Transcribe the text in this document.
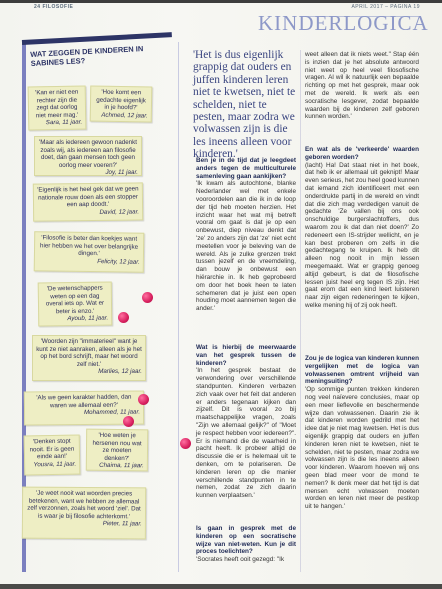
24 FILOSOFIE	APRIL 2017 – PAGINA 19
KINDERLOGICA
WAT ZEGGEN DE KINDEREN IN SABINES LES?
'Kan er niet een rechter zijn die zegt dat oorlog niet meer mag.'
Sara, 11 jaar.
'Hoe komt een gedachte eigenlijk in je hoofd?'
Achmed, 12 jaar.
'Maar als iedereen gewoon nadenkt zoals wij, als iedereen aan filosofie doet, dan gaan mensen toch geen oorlog meer voeren?'
Joy, 11 jaar.
'Eigenlijk is het heel gek dat we geen nationale rouw doen als een stopper een aap doodt.'
David, 12 jaar.
'Filosofie is beter dan koekjes want hier hebben we het over belangrijke dingen.'
Felicity, 12 jaar.
'De wetenschappers weten op een dag overal iets op. Wat er beter is enzo.'
Ayoub, 11 jaar.
'Woorden zijn "immaterieel" want je kunt ze niet aanraken, alleen als je het op het bord schrijft, maar het woord zelf niet.'
Marlies, 12 jaar.
'Als we geen karakter hadden, dan waren we allemaal een?'
Mohammed, 11 jaar.
'Denken stopt nooit. Er is geen einde aan!'
Yousra, 11 jaar.
'Hoe weten je hersenen nou wat ze moeten denken?'
Chaima, 11 jaar.
'Je weet nooit wat woorden precies betekenen, want we hebben ze allemaal zelf verzonnen, zoals het woord 'ziel'. Dat is waar je bij filosofie achterkomt.'
Pieter, 11 jaar.
'Het is dus eigenlijk grappig dat ouders en juffen kinderen leren niet te kwetsen, niet te schelden, niet te pesten, maar zodra we volwassen zijn is die les ineens alleen voor kinderen.'
Ben je in de tijd dat je leegdeet anders tegen de multiculturele samenleving gaan aankijken?
'Ik kwam als autochtone, blanke Nederlander wel met enkele vooroordelen aan die ik in de loop der tijd heb moeten herzien. Het inzicht waar het wat mij betreft vooral om gaat is dat je op een onbewust, diep niveau denkt dat 'ze' zo anders zijn dat 'ze' niet echt meetellen voor je beleving van de wereld. Als je zulke grenzen trekt tussen jezelf en de vreemdeling, dan bouw je onbewust een hiërarchie in. Ik heb geprobeerd om door het boek heen te laten schemeren dat je juist een open houding moet aannemen tegen die ander.'
Wat is hierbij de meerwaarde van het gesprek tussen de kinderen?
'In het gesprek bestaat de verwondering over verschillende standpunten. Kinderen verbazen zich vaak over het feit dat anderen er anders tegenaan kijken dan zijzelf. Dit is vooral zo bij maatschappelijke vragen, zoals "Zijn we allemaal gelijk?" of "Moet je respect hebben voor iedereen?". Er is niemand die de waarheid in pacht heeft. Ik probeer altijd de discussie die er is helemaal uit te denken, om te polariseren. De kinderen leren op die manier verschillende standpunten in te nemen, zodat ze zich daarin kunnen verplaatsen.'
Is gaan in gesprek met de kinderen op een socratische wijze van niet-weten. Kun je dit proces toelichten?
'Socrates heeft ooit gezegd: "Ik
weet alleen dat ik niets weet." Stap één is inzien dat je het absolute antwoord niet weet op heel veel filosofische vragen. Al wil ik natuurlijk een bepaalde richting op met het gesprek, maar ook met de wereld. Ik werk als een socratische lesgever, zodat bepaalde waarden bij de kinderen zelf geboren kunnen worden.'
En wat als de 'verkeerde' waarden geboren worden?
(lacht) Ha! Dat staat niet in het boek, dat heb ik er allemaal uit geknipt! Maar even serieus, het zou heel goed kunnen dat iemand zich identificeert met een onderdrukte partij in de wereld en vindt dat die zich mag verdedigen vanuit de gedachte 'Ze vallen bij ons ook onschuldige burgerslachtoffers, dus waarom zou ik dat dan niet doen?' Zo redeneert een IS-strijder wellicht, en je kan best proberen om zelfs in die gedachtegang te kruipen. Ik heb dit alleen nog nooit in mijn lessen meegemaakt. Wat er grappig genoeg altijd gebeurt, is dat de filosofische lessen juist heel erg tegen IS zijn. Het gaat erom dat een kind leert luisteren naar zijn eigen redeneringen te kijken, welke mening hij of zij ook heeft.
Zou je de logica van kinderen kunnen vergelijken met de logica van volwassenen omtrent vrijheid van meningsuiting?
'Op sommige punten trekken kinderen nog veel naïevere conclusies, maar op een meer lieflevolle en beschermende wijze dan volwassenen. Daarin zie ik dat kinderen worden gedrild met het idee dat je niet mag kwetsen. Het is dus eigenlijk grappig dat ouders en juffen kinderen leren niet te kwetsen, niet te schelden, niet te pesten, maar zodra we volwassen zijn is die les ineens alleen voor kinderen. Waarom hoeven wij ons geen blad meer voor de mond te nemen? Ik denk meer dat het tijd is dat mensen echt volwassen moeten worden en leren niet meer de pestkop uit te hangen.'
